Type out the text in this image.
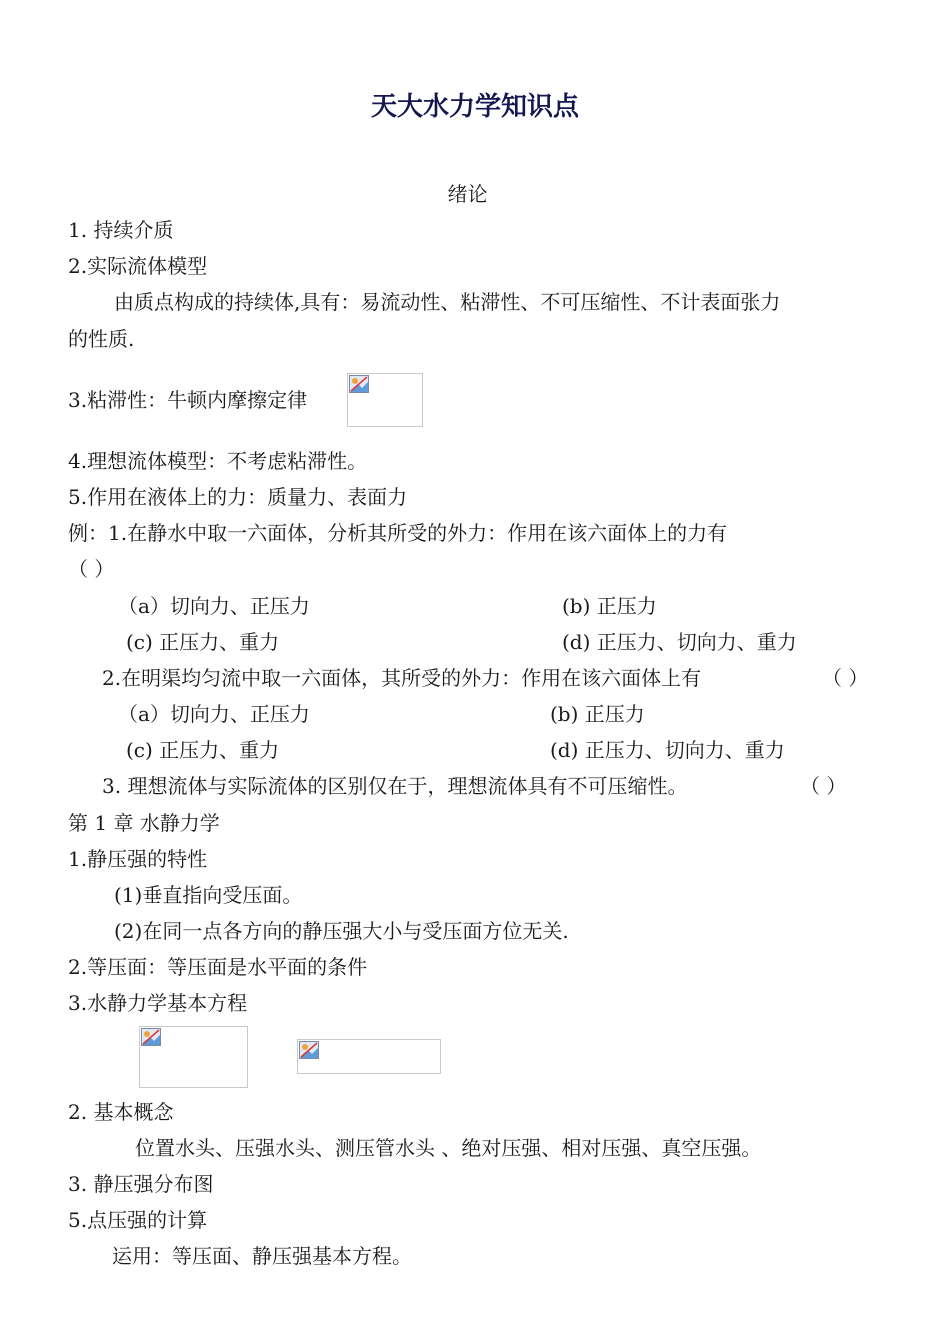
天大水力学知识点
绪论
1. 持续介质
2.实际流体模型
由质点构成的持续体,具有：易流动性、粘滞性、不可压缩性、不计表面张力
的性质.
3.粘滞性：牛顿内摩擦定律
4.理想流体模型：不考虑粘滞性。
5.作用在液体上的力：质量力、表面力
例：1.在静水中取一六面体，分析其所受的外力：作用在该六面体上的力有
（ ）
（a）切向力、正压力	(b) 正压力
(c) 正压力、重力	(d) 正压力、切向力、重力
2.在明渠均匀流中取一六面体，其所受的外力：作用在该六面体上有	（ ）
（a）切向力、正压力	(b) 正压力
(c) 正压力、重力	(d) 正压力、切向力、重力
3. 理想流体与实际流体的区别仅在于，理想流体具有不可压缩性。	（ ）
第 1 章 水静力学
1.静压强的特性
(1)垂直指向受压面。
(2)在同一点各方向的静压强大小与受压面方位无关.
2.等压面：等压面是水平面的条件
3.水静力学基本方程
2. 基本概念
位置水头、压强水头、测压管水头 、绝对压强、相对压强、真空压强。
3. 静压强分布图
5.点压强的计算
运用：等压面、静压强基本方程。
